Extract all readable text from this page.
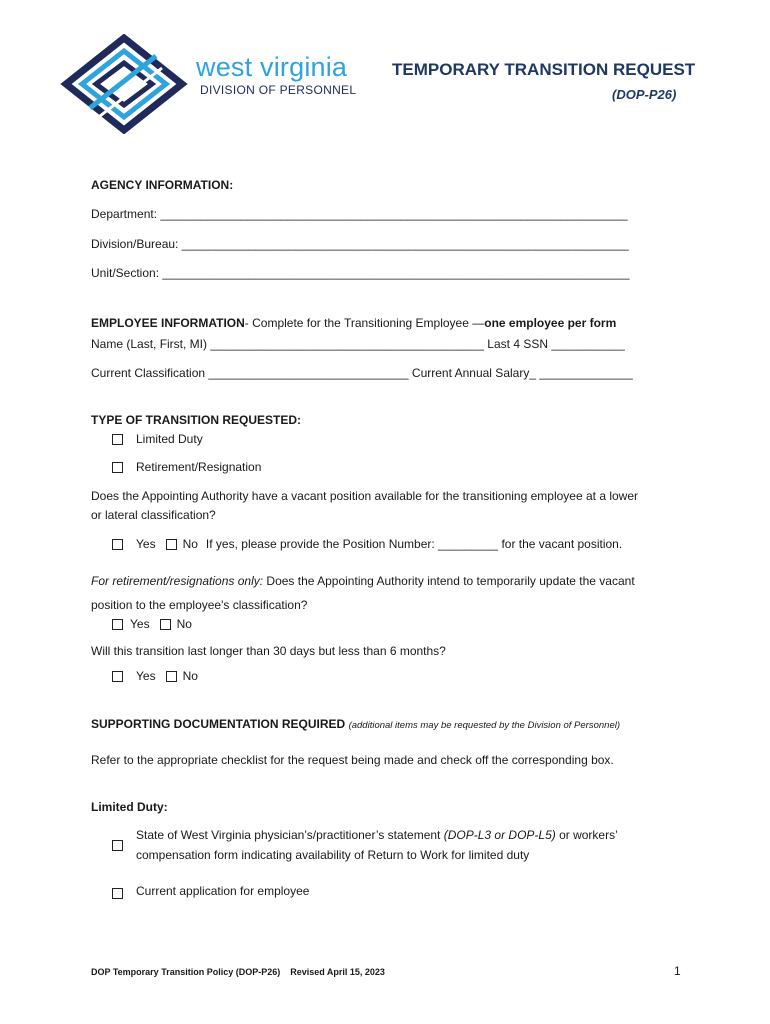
west virginia
DIVISION OF PERSONNEL
TEMPORARY TRANSITION REQUEST
(DOP-P26)
AGENCY INFORMATION:
Department: ______________________________________________________________________
Division/Bureau: ___________________________________________________________________
Unit/Section: ______________________________________________________________________
EMPLOYEE INFORMATION- Complete for the Transitioning Employee —one employee per form
Name (Last, First, MI) _________________________________________ Last 4 SSN ___________
Current Classification ______________________________ Current Annual Salary_ ______________
TYPE OF TRANSITION REQUESTED:
Limited Duty
Retirement/Resignation
Does the Appointing Authority have a vacant position available for the transitioning employee at a lower
or lateral classification?
Yes No If yes, please provide the Position Number: _________ for the vacant position.
For retirement/resignations only: Does the Appointing Authority intend to temporarily update the vacant
position to the employee's classification?
Yes No
Will this transition last longer than 30 days but less than 6 months?
Yes No
SUPPORTING DOCUMENTATION REQUIRED (additional items may be requested by the Division of Personnel)
Refer to the appropriate checklist for the request being made and check off the corresponding box.
Limited Duty:
State of West Virginia physician’s/practitioner’s statement (DOP-L3 or DOP-L5) or workers’
compensation form indicating availability of Return to Work for limited duty
Current application for employee
DOP Temporary Transition Policy (DOP-P26)    Revised April 15, 2023	1
